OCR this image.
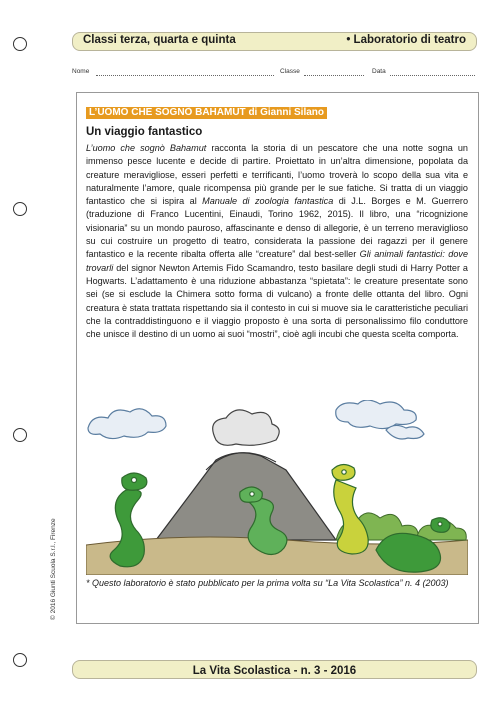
© 2016 Giunti Scuola S.r.l., Firenze
Classi terza, quarta e quinta	• Laboratorio di teatro
Nome	Classe	Data
L’UOMO CHE SOGNÒ BAHAMUT di Gianni Silano
Un viaggio fantastico
L’uomo che sognò Bahamut racconta la storia di un pescatore che una notte sogna un immenso pesce lucente e decide di partire. Proiettato in un’altra dimensione, popolata da creature meravigliose, esseri perfetti e terrificanti, l’uomo troverà lo scopo della sua vita e naturalmente l’amore, quale ricompensa più grande per le sue fatiche. Si tratta di un viaggio fantastico che si ispira al Manuale di zoologia fantastica di J.L. Borges e M. Guerrero (traduzione di Franco Lucentini, Einaudi, Torino 1962, 2015). Il libro, una “ricognizione visionaria” su un mondo pauroso, affascinante e denso di allegorie, è un terreno meraviglioso su cui costruire un progetto di teatro, considerata la passione dei ragazzi per il genere fantastico e la recente ribalta offerta alle “creature” dal best-seller Gli animali fantastici: dove trovarli del signor Newton Artemis Fido Scamandro, testo basilare degli studi di Harry Potter a Hogwarts. L’adattamento è una riduzione abbastanza “spietata”: le creature presentate sono sei (se si esclude la Chimera sotto forma di vulcano) a fronte delle ottanta del libro. Ogni creatura è stata trattata rispettando sia il contesto in cui si muove sia le caratteristiche peculiari che la contraddistinguono e il viaggio proposto è una sorta di personalissimo filo conduttore che unisce il destino di un uomo ai suoi “mostri”, cioè agli incubi che questa scelta comporta.
* Questo laboratorio è stato pubblicato per la prima volta su “La Vita Scolastica” n. 4 (2003)
La Vita Scolastica - n. 3 - 2016
